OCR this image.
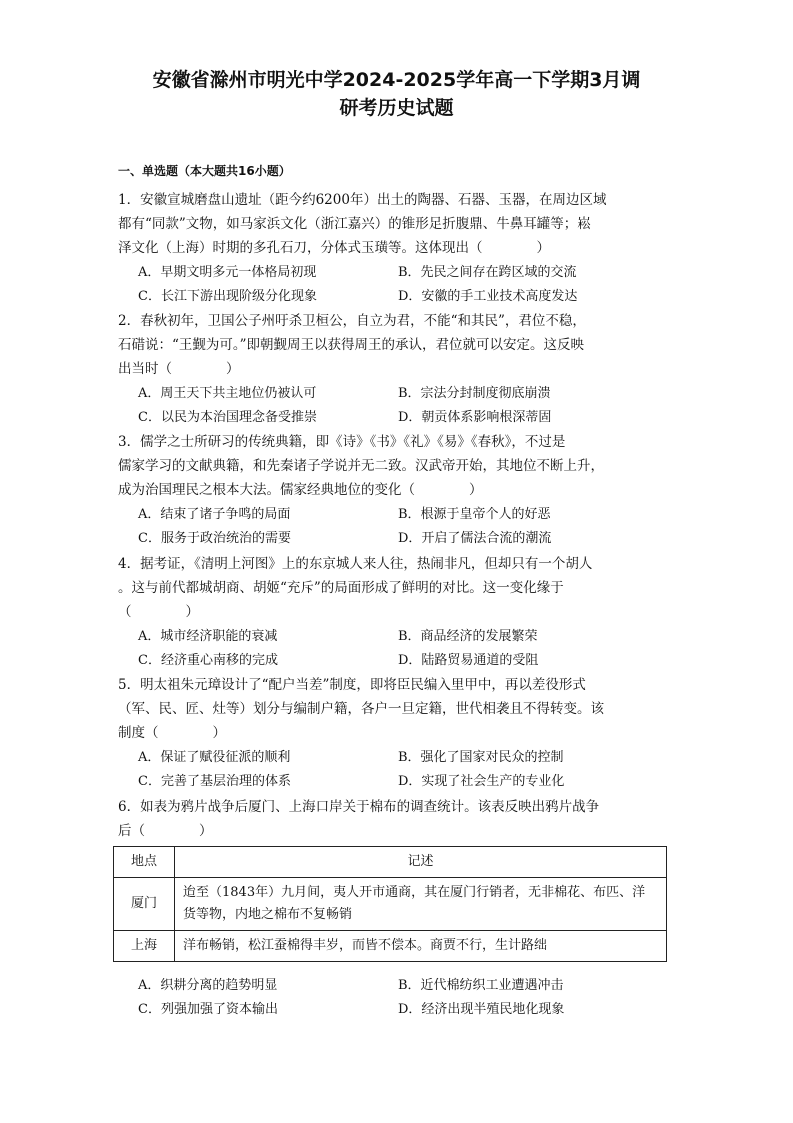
安徽省滁州市明光中学2024-2025学年高一下学期3月调
研考历史试题
一、单选题（本大题共16小题）
1．安徽宣城磨盘山遗址（距今约6200年）出土的陶器、石器、玉器，在周边区域
都有“同款”文物，如马家浜文化（浙江嘉兴）的锥形足折腹鼎、牛鼻耳罐等；崧
泽文化（上海）时期的多孔石刀，分体式玉璜等。这体现出（　　　　）
A．早期文明多元一体格局初现	B．先民之间存在跨区域的交流
C．长江下游出现阶级分化现象	D．安徽的手工业技术高度发达
2．春秋初年，卫国公子州吁杀卫桓公，自立为君，不能“和其民”，君位不稳，
石碏说：“王觐为可。”即朝觐周王以获得周王的承认，君位就可以安定。这反映
出当时（　　　　）
A．周王天下共主地位仍被认可	B．宗法分封制度彻底崩溃
C．以民为本治国理念备受推崇	D．朝贡体系影响根深蒂固
3．儒学之士所研习的传统典籍，即《诗》《书》《礼》《易》《春秋》，不过是
儒家学习的文献典籍，和先秦诸子学说并无二致。汉武帝开始，其地位不断上升，
成为治国理民之根本大法。儒家经典地位的变化（　　　　）
A．结束了诸子争鸣的局面	B．根源于皇帝个人的好恶
C．服务于政治统治的需要	D．开启了儒法合流的潮流
4．据考证，《清明上河图》上的东京城人来人往，热闹非凡，但却只有一个胡人
。这与前代都城胡商、胡姬“充斥”的局面形成了鲜明的对比。这一变化缘于
（　　　　）
A．城市经济职能的衰减	B．商品经济的发展繁荣
C．经济重心南移的完成	D．陆路贸易通道的受阻
5．明太祖朱元璋设计了“配户当差”制度，即将臣民编入里甲中，再以差役形式
（军、民、匠、灶等）划分与编制户籍，各户一旦定籍，世代相袭且不得转变。该
制度（　　　　）
A．保证了赋役征派的顺利	B．强化了国家对民众的控制
C．完善了基层治理的体系	D．实现了社会生产的专业化
6．如表为鸦片战争后厦门、上海口岸关于棉布的调查统计。该表反映出鸦片战争
后（　　　　）
地点	记述
厦门	迨至（1843年）九月间，夷人开市通商，其在厦门行销者，无非棉花、布匹、洋货等物，内地之棉布不复畅销
上海	洋布畅销，松江蚕棉得丰岁，而皆不偿本。商贾不行，生计路绌
A．织耕分离的趋势明显	B．近代棉纺织工业遭遇冲击
C．列强加强了资本输出	D．经济出现半殖民地化现象
